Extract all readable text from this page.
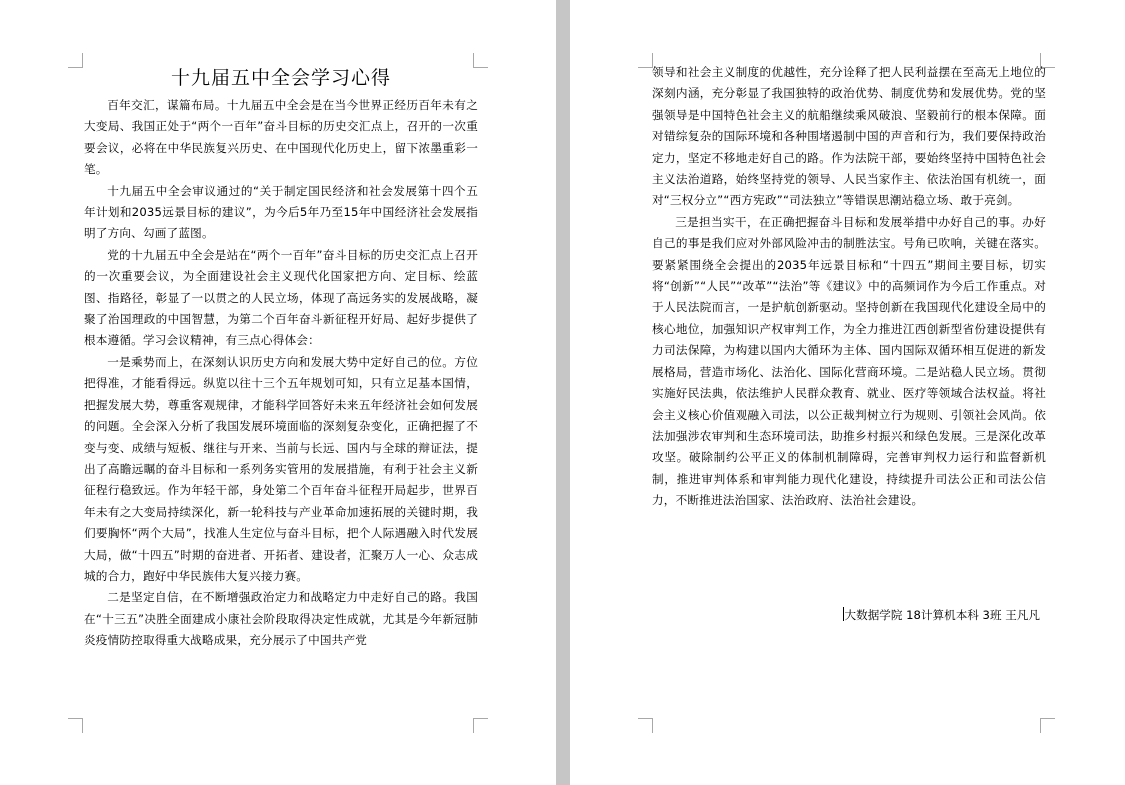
十九届五中全会学习心得

百年交汇，谋篇布局。十九届五中全会是在当今世界正经历百年未有之大变局、我国正处于“两个一百年”奋斗目标的历史交汇点上，召开的一次重要会议，必将在中华民族复兴历史、在中国现代化历史上，留下浓墨重彩一笔。

十九届五中全会审议通过的“关于制定国民经济和社会发展第十四个五年计划和2035远景目标的建议”，为今后5年乃至15年中国经济社会发展指明了方向、勾画了蓝图。

党的十九届五中全会是站在“两个一百年”奋斗目标的历史交汇点上召开的一次重要会议，为全面建设社会主义现代化国家把方向、定目标、绘蓝图、指路径，彰显了一以贯之的人民立场，体现了高远务实的发展战略，凝聚了治国理政的中国智慧，为第二个百年奋斗新征程开好局、起好步提供了根本遵循。学习会议精神，有三点心得体会：

一是乘势而上，在深刻认识历史方向和发展大势中定好自己的位。方位把得准，才能看得远。纵览以往十三个五年规划可知，只有立足基本国情，把握发展大势，尊重客观规律，才能科学回答好未来五年经济社会如何发展的问题。全会深入分析了我国发展环境面临的深刻复杂变化，正确把握了不变与变、成绩与短板、继往与开来、当前与长远、国内与全球的辩证法，提出了高瞻远瞩的奋斗目标和一系列务实管用的发展措施，有利于社会主义新征程行稳致远。作为年轻干部，身处第二个百年奋斗征程开局起步，世界百年未有之大变局持续深化，新一轮科技与产业革命加速拓展的关键时期，我们要胸怀“两个大局”，找准人生定位与奋斗目标，把个人际遇融入时代发展大局，做“十四五”时期的奋进者、开拓者、建设者，汇聚万人一心、众志成城的合力，跑好中华民族伟大复兴接力赛。

二是坚定自信，在不断增强政治定力和战略定力中走好自己的路。我国在“十三五”决胜全面建成小康社会阶段取得决定性成就，尤其是今年新冠肺炎疫情防控取得重大战略成果，充分展示了中国共产党

领导和社会主义制度的优越性，充分诠释了把人民利益摆在至高无上地位的深刻内涵，充分彰显了我国独特的政治优势、制度优势和发展优势。党的坚强领导是中国特色社会主义的航船继续乘风破浪、坚毅前行的根本保障。面对错综复杂的国际环境和各种围堵遏制中国的声音和行为，我们要保持政治定力，坚定不移地走好自己的路。作为法院干部，要始终坚持中国特色社会主义法治道路，始终坚持党的领导、人民当家作主、依法治国有机统一，面对“三权分立”“西方宪政”“司法独立”等错误思潮站稳立场、敢于亮剑。

三是担当实干，在正确把握奋斗目标和发展举措中办好自己的事。办好自己的事是我们应对外部风险冲击的制胜法宝。号角已吹响，关键在落实。要紧紧围绕全会提出的2035年远景目标和“十四五”期间主要目标，切实将“创新”“人民”“改革”“法治”等《建议》中的高频词作为今后工作重点。对于人民法院而言，一是护航创新驱动。坚持创新在我国现代化建设全局中的核心地位，加强知识产权审判工作，为全力推进江西创新型省份建设提供有力司法保障，为构建以国内大循环为主体、国内国际双循环相互促进的新发展格局，营造市场化、法治化、国际化营商环境。二是站稳人民立场。贯彻实施好民法典，依法维护人民群众教育、就业、医疗等领域合法权益。将社会主义核心价值观融入司法，以公正裁判树立行为规则、引领社会风尚。依法加强涉农审判和生态环境司法，助推乡村振兴和绿色发展。三是深化改革攻坚。破除制约公平正义的体制机制障碍，完善审判权力运行和监督新机制，推进审判体系和审判能力现代化建设，持续提升司法公正和司法公信力，不断推进法治国家、法治政府、法治社会建设。

大数据学院 18计算机本科 3班 王凡凡
